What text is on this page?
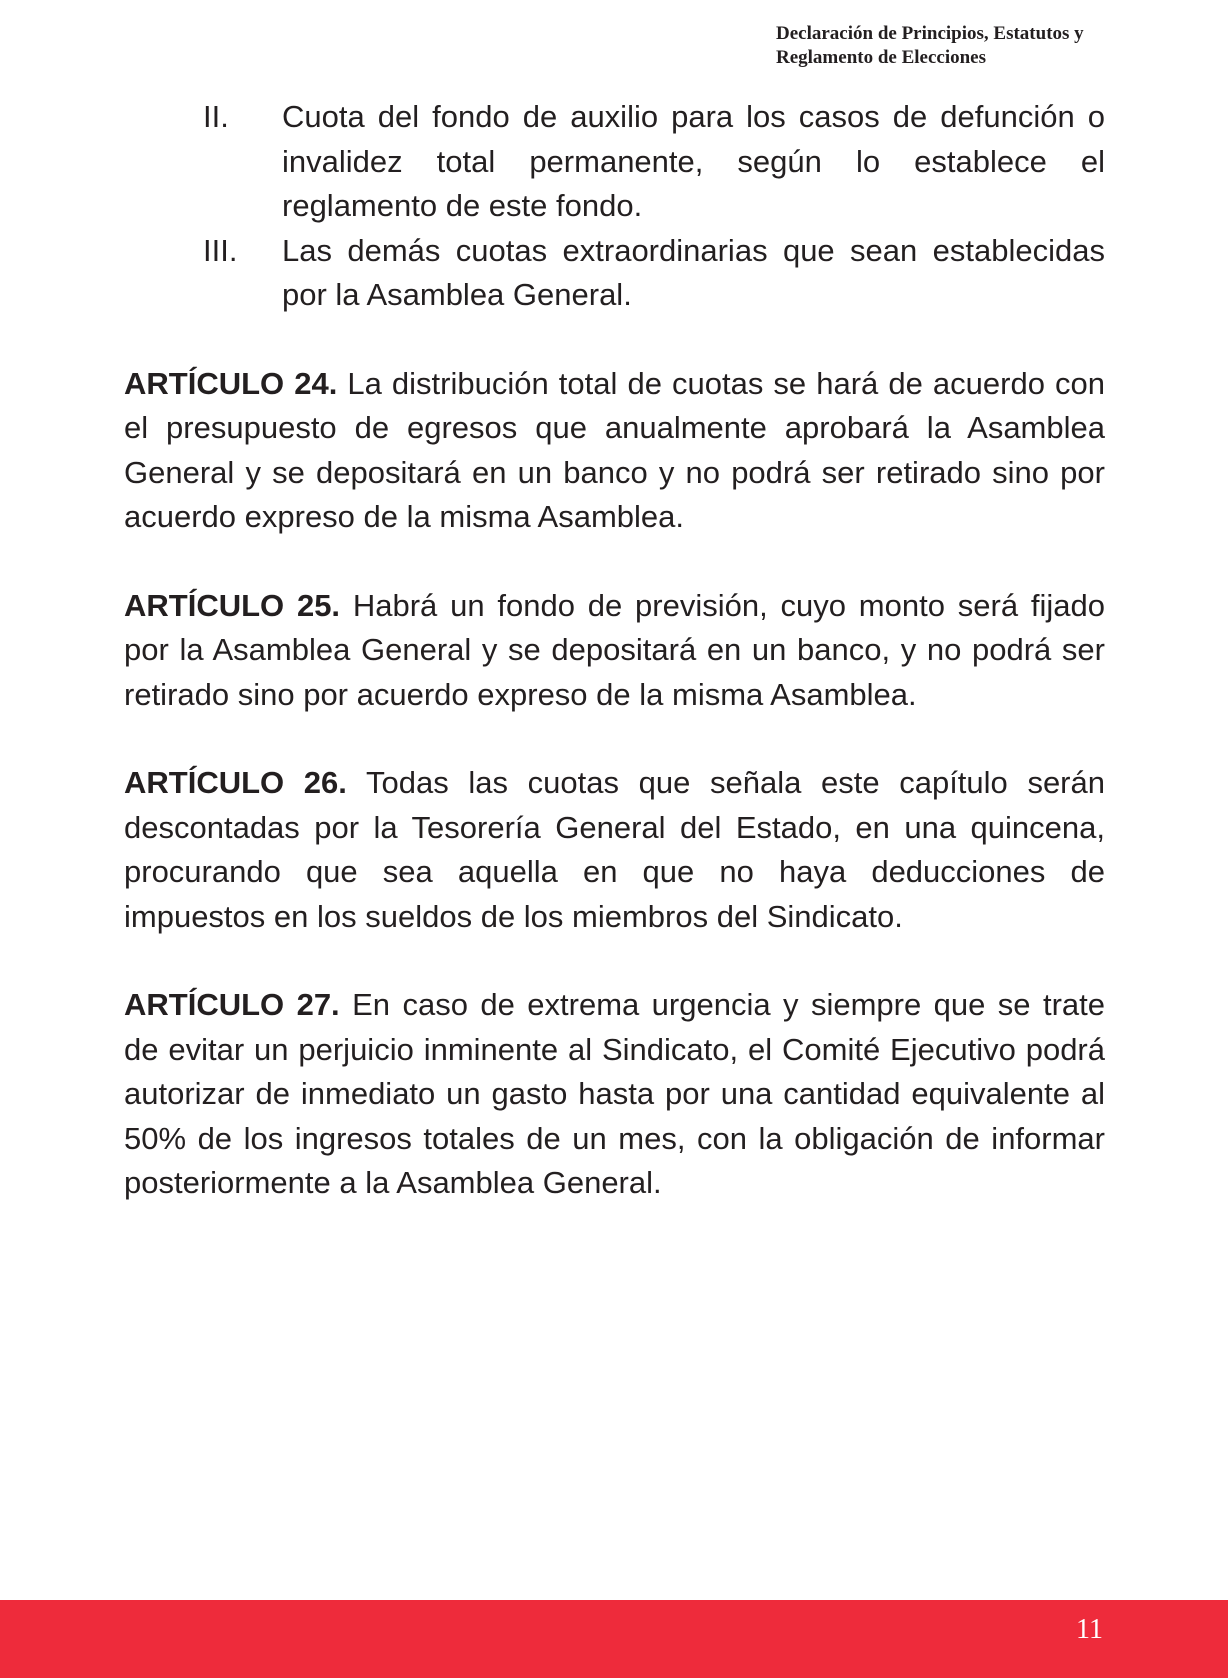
Declaración de Principios, Estatutos y
Reglamento de Elecciones
II.	Cuota del fondo de auxilio para los casos de defunción o invalidez total permanente, según lo establece el reglamento de este fondo.
III.	Las demás cuotas extraordinarias que sean establecidas por la Asamblea General.

ARTÍCULO 24. La distribución total de cuotas se hará de acuerdo con el presupuesto de egresos que anualmente aprobará la Asamblea General y se depositará en un banco y no podrá ser retirado sino por acuerdo expreso de la misma Asamblea.

ARTÍCULO 25. Habrá un fondo de previsión, cuyo monto será fijado por la Asamblea General y se depositará en un banco, y no podrá ser retirado sino por acuerdo expreso de la misma Asamblea.

ARTÍCULO 26. Todas las cuotas que señala este capítulo serán descontadas por la Tesorería General del Estado, en una quincena, procurando que sea aquella en que no haya deducciones de impuestos en los sueldos de los miembros del Sindicato.

ARTÍCULO 27. En caso de extrema urgencia y siempre que se trate de evitar un perjuicio inminente al Sindicato, el Comité Ejecutivo podrá autorizar de inmediato un gasto hasta por una cantidad equivalente al 50% de los ingresos totales de un mes, con la obligación de informar posteriormente a la Asamblea General.

11
